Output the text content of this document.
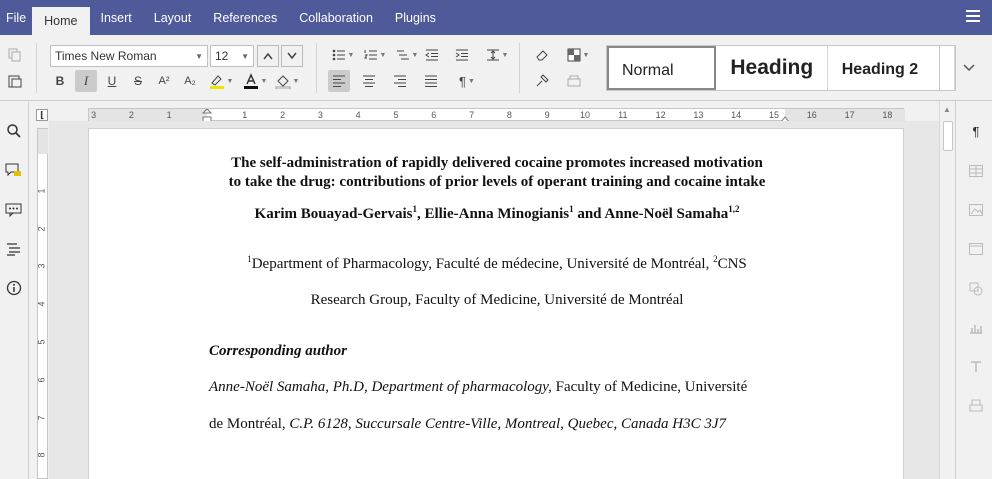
File	Home	Insert	Layout	References	Collaboration	Plugins
Times New Roman	▼ 12 ▼
B	I	U	S	A²	A₂	▼	▼	▼
▼	▼	▼	▼
¶ ▼
▼
Normal	Heading	Heading 2
⌊	3	2	1	1	2	3	4	5	6	7	8	9	10	11	12	13	14	15	16	17	18
1
2
3
4
5
6
7
8
The self-administration of rapidly delivered cocaine promotes increased motivation
to take the drug: contributions of prior levels of operant training and cocaine intake
Karim Bouayad-Gervais$^1$, Ellie-Anna Minogianis$^1$ and Anne-Noël Samaha$^{1,2}$
$^1$Department of Pharmacology, Faculté de médecine, Université de Montréal, $^2$CNS
Research Group, Faculty of Medicine, Université de Montréal
Corresponding author
Anne-Noël Samaha, Ph.D, Department of pharmacology, Faculty of Medicine, Université
de Montréal, C.P. 6128, Succursale Centre-Ville, Montreal, Quebec, Canada H3C 3J7
▲
¶
